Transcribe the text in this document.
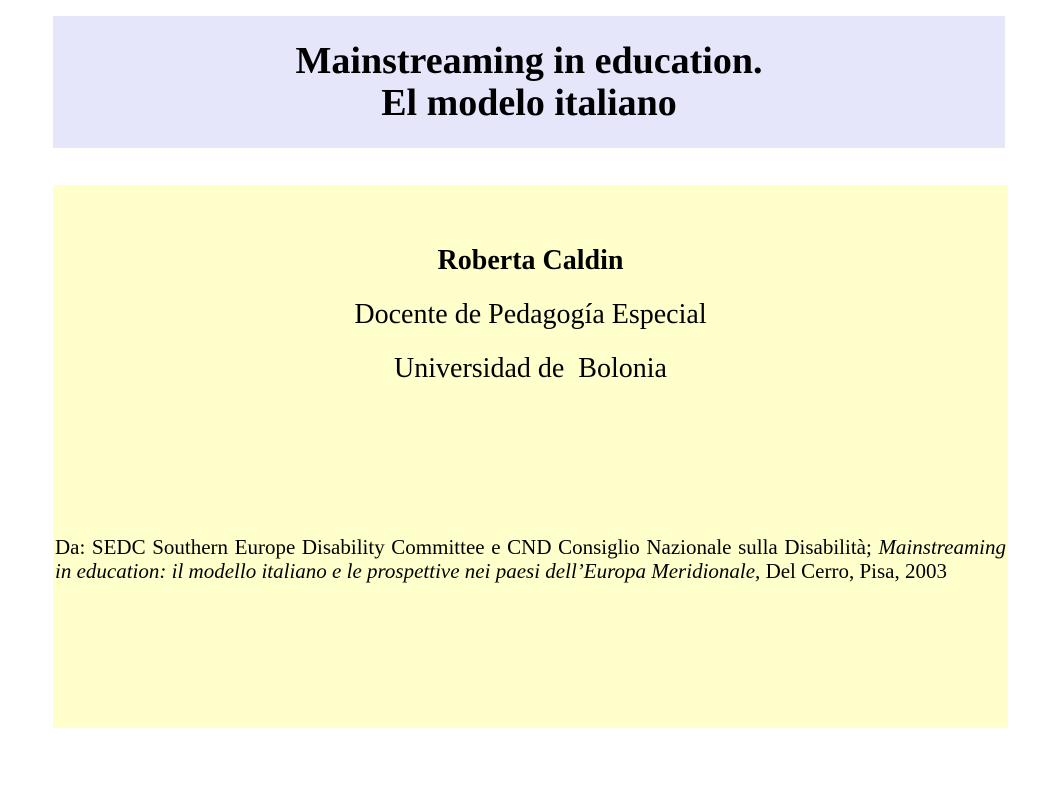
Mainstreaming in education.
El modelo italiano
Roberta Caldin
Docente de Pedagogía Especial
Universidad de  Bolonia
Da: SEDC Southern Europe Disability Committee e CND Consiglio Nazionale sulla Disabilità; Mainstreaming in education: il modello italiano e le prospettive nei paesi dell’Europa Meridionale, Del Cerro, Pisa, 2003
